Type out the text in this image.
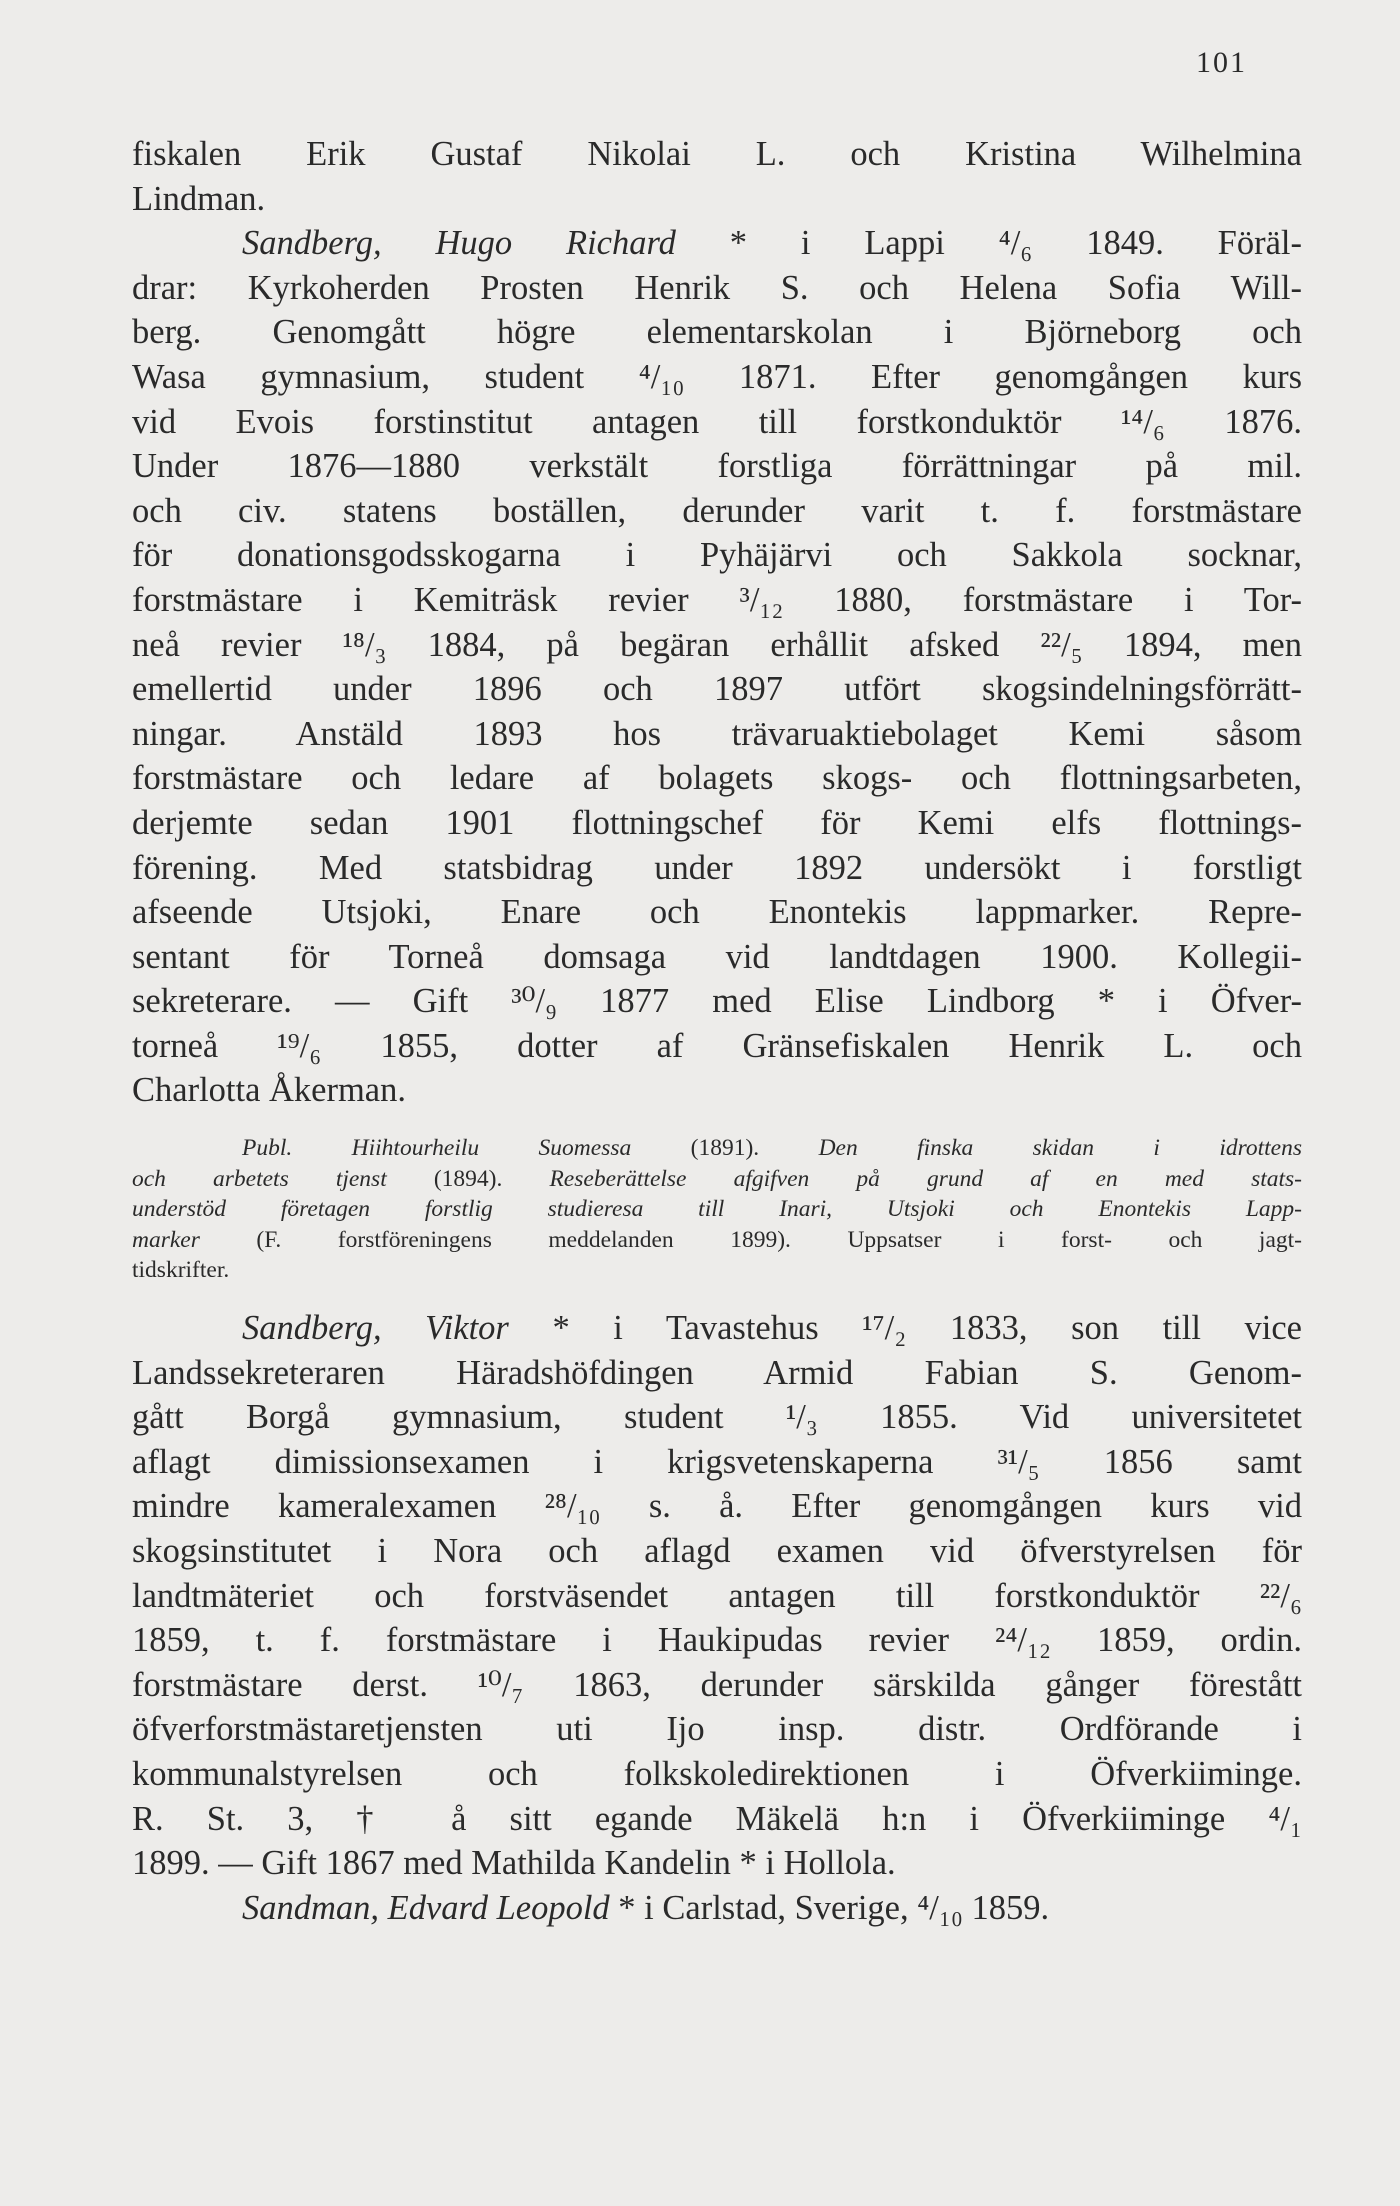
101
fiskalen Erik Gustaf Nikolai L. och Kristina Wilhelmina
Lindman.
Sandberg, Hugo Richard * i Lappi ⁴/₆ 1849. Föräl-
drar: Kyrkoherden Prosten Henrik S. och Helena Sofia Will-
berg. Genomgått högre elementarskolan i Björneborg och
Wasa gymnasium, student ⁴/₁₀ 1871. Efter genomgången kurs
vid Evois forstinstitut antagen till forstkonduktör ¹⁴/₆ 1876.
Under 1876—1880 verkstält forstliga förrättningar på mil.
och civ. statens boställen, derunder varit t. f. forstmästare
för donationsgodsskogarna i Pyhäjärvi och Sakkola socknar,
forstmästare i Kemiträsk revier ³/₁₂ 1880, forstmästare i Tor-
neå revier ¹⁸/₃ 1884, på begäran erhållit afsked ²²/₅ 1894, men
emellertid under 1896 och 1897 utfört skogsindelningsförrätt-
ningar. Anstäld 1893 hos trävaruaktiebolaget Kemi såsom
forstmästare och ledare af bolagets skogs- och flottningsarbeten,
derjemte sedan 1901 flottningschef för Kemi elfs flottnings-
förening. Med statsbidrag under 1892 undersökt i forstligt
afseende Utsjoki, Enare och Enontekis lappmarker. Repre-
sentant för Torneå domsaga vid landtdagen 1900. Kollegii-
sekreterare. — Gift ³⁰/₉ 1877 med Elise Lindborg * i Öfver-
torneå ¹⁹/₆ 1855, dotter af Gränsefiskalen Henrik L. och
Charlotta Åkerman.
Publ. Hiihtourheilu Suomessa (1891). Den finska skidan i idrottens
och arbetets tjenst (1894). Reseberättelse afgifven på grund af en med stats-
understöd företagen forstlig studieresa till Inari, Utsjoki och Enontekis Lapp-
marker (F. forstföreningens meddelanden 1899). Uppsatser i forst- och jagt-
tidskrifter.
Sandberg, Viktor * i Tavastehus ¹⁷/₂ 1833, son till vice
Landssekreteraren Häradshöfdingen Armid Fabian S. Genom-
gått Borgå gymnasium, student ¹/₃ 1855. Vid universitetet
aflagt dimissionsexamen i krigsvetenskaperna ³¹/₅ 1856 samt
mindre kameralexamen ²⁸/₁₀ s. å. Efter genomgången kurs vid
skogsinstitutet i Nora och aflagd examen vid öfverstyrelsen för
landtmäteriet och forstväsendet antagen till forstkonduktör ²²/₆
1859, t. f. forstmästare i Haukipudas revier ²⁴/₁₂ 1859, ordin.
forstmästare derst. ¹⁰/₇ 1863, derunder särskilda gånger förestått
öfverforstmästaretjensten uti Ijo insp. distr. Ordförande i
kommunalstyrelsen och folkskoledirektionen i Öfverkiiminge.
R. St. 3, † å sitt egande Mäkelä h:n i Öfverkiiminge ⁴/₁
1899. — Gift 1867 med Mathilda Kandelin * i Hollola.
Sandman, Edvard Leopold * i Carlstad, Sverige, ⁴/₁₀ 1859.
